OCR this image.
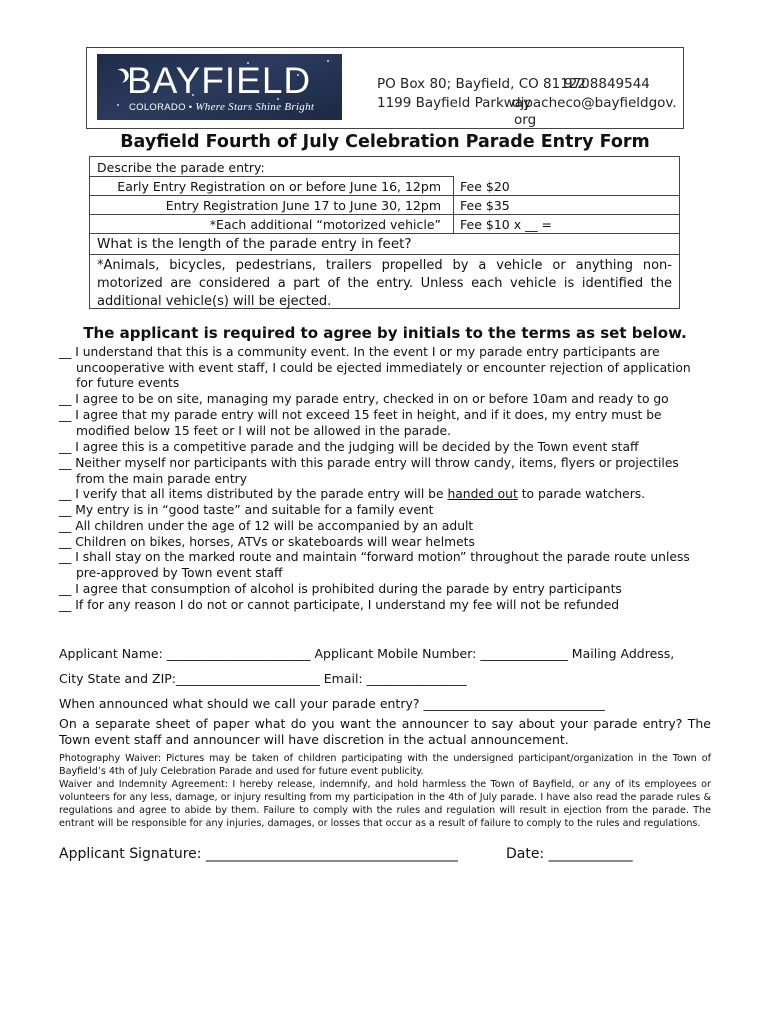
BAYFIELD
COLORADO • Where Stars Shine Bright
PO Box 80; Bayfield, CO 81122
9708849544
1199 Bayfield Parkway
djpacheco@bayfieldgov.
org
Bayfield Fourth of July Celebration Parade Entry Form
Describe the parade entry:
Early Entry Registration on or before June 16, 12pm Fee $20
Entry Registration June 17 to June 30, 12pm Fee $35
*Each additional “motorized vehicle” Fee $10 x __ =
What is the length of the parade entry in feet?
*Animals, bicycles, pedestrians, trailers propelled by a vehicle or anything non-motorized are considered a part of the entry. Unless each vehicle is identified the additional vehicle(s) will be ejected.
The applicant is required to agree by initials to the terms as set below.
__ I understand that this is a community event. In the event I or my parade entry participants are
uncooperative with event staff, I could be ejected immediately or encounter rejection of application
for future events
__ I agree to be on site, managing my parade entry, checked in on or before 10am and ready to go
__ I agree that my parade entry will not exceed 15 feet in height, and if it does, my entry must be
modified below 15 feet or I will not be allowed in the parade.
__ I agree this is a competitive parade and the judging will be decided by the Town event staff
__ Neither myself nor participants with this parade entry will throw candy, items, flyers or projectiles
from the main parade entry
__ I verify that all items distributed by the parade entry will be handed out to parade watchers.
__ My entry is in “good taste” and suitable for a family event
__ All children under the age of 12 will be accompanied by an adult
__ Children on bikes, horses, ATVs or skateboards will wear helmets
__ I shall stay on the marked route and maintain “forward motion” throughout the parade route unless
pre-approved by Town event staff
__ I agree that consumption of alcohol is prohibited during the parade by entry participants
__ If for any reason I do not or cannot participate, I understand my fee will not be refunded
Applicant Name: _______________________ Applicant Mobile Number: ______________ Mailing Address,
City State and ZIP:_______________________ Email: ________________
When announced what should we call your parade entry? _____________________________
On a separate sheet of paper what do you want the announcer to say about your parade entry? The Town event staff and announcer will have discretion in the actual announcement.
Photography Waiver: Pictures may be taken of children participating with the undersigned participant/organization in the Town of Bayfield’s 4th of July Celebration Parade and used for future event publicity.
Waiver and Indemnity Agreement: I hereby release, indemnify, and hold harmless the Town of Bayfield, or any of its employees or volunteers for any less, damage, or injury resulting from my participation in the 4th of July parade. I have also read the parade rules & regulations and agree to abide by them. Failure to comply with the rules and regulation will result in ejection from the parade. The entrant will be responsible for any injuries, damages, or losses that occur as a result of failure to comply to the rules and regulations.
Applicant Signature: ____________________________________	Date: ____________
